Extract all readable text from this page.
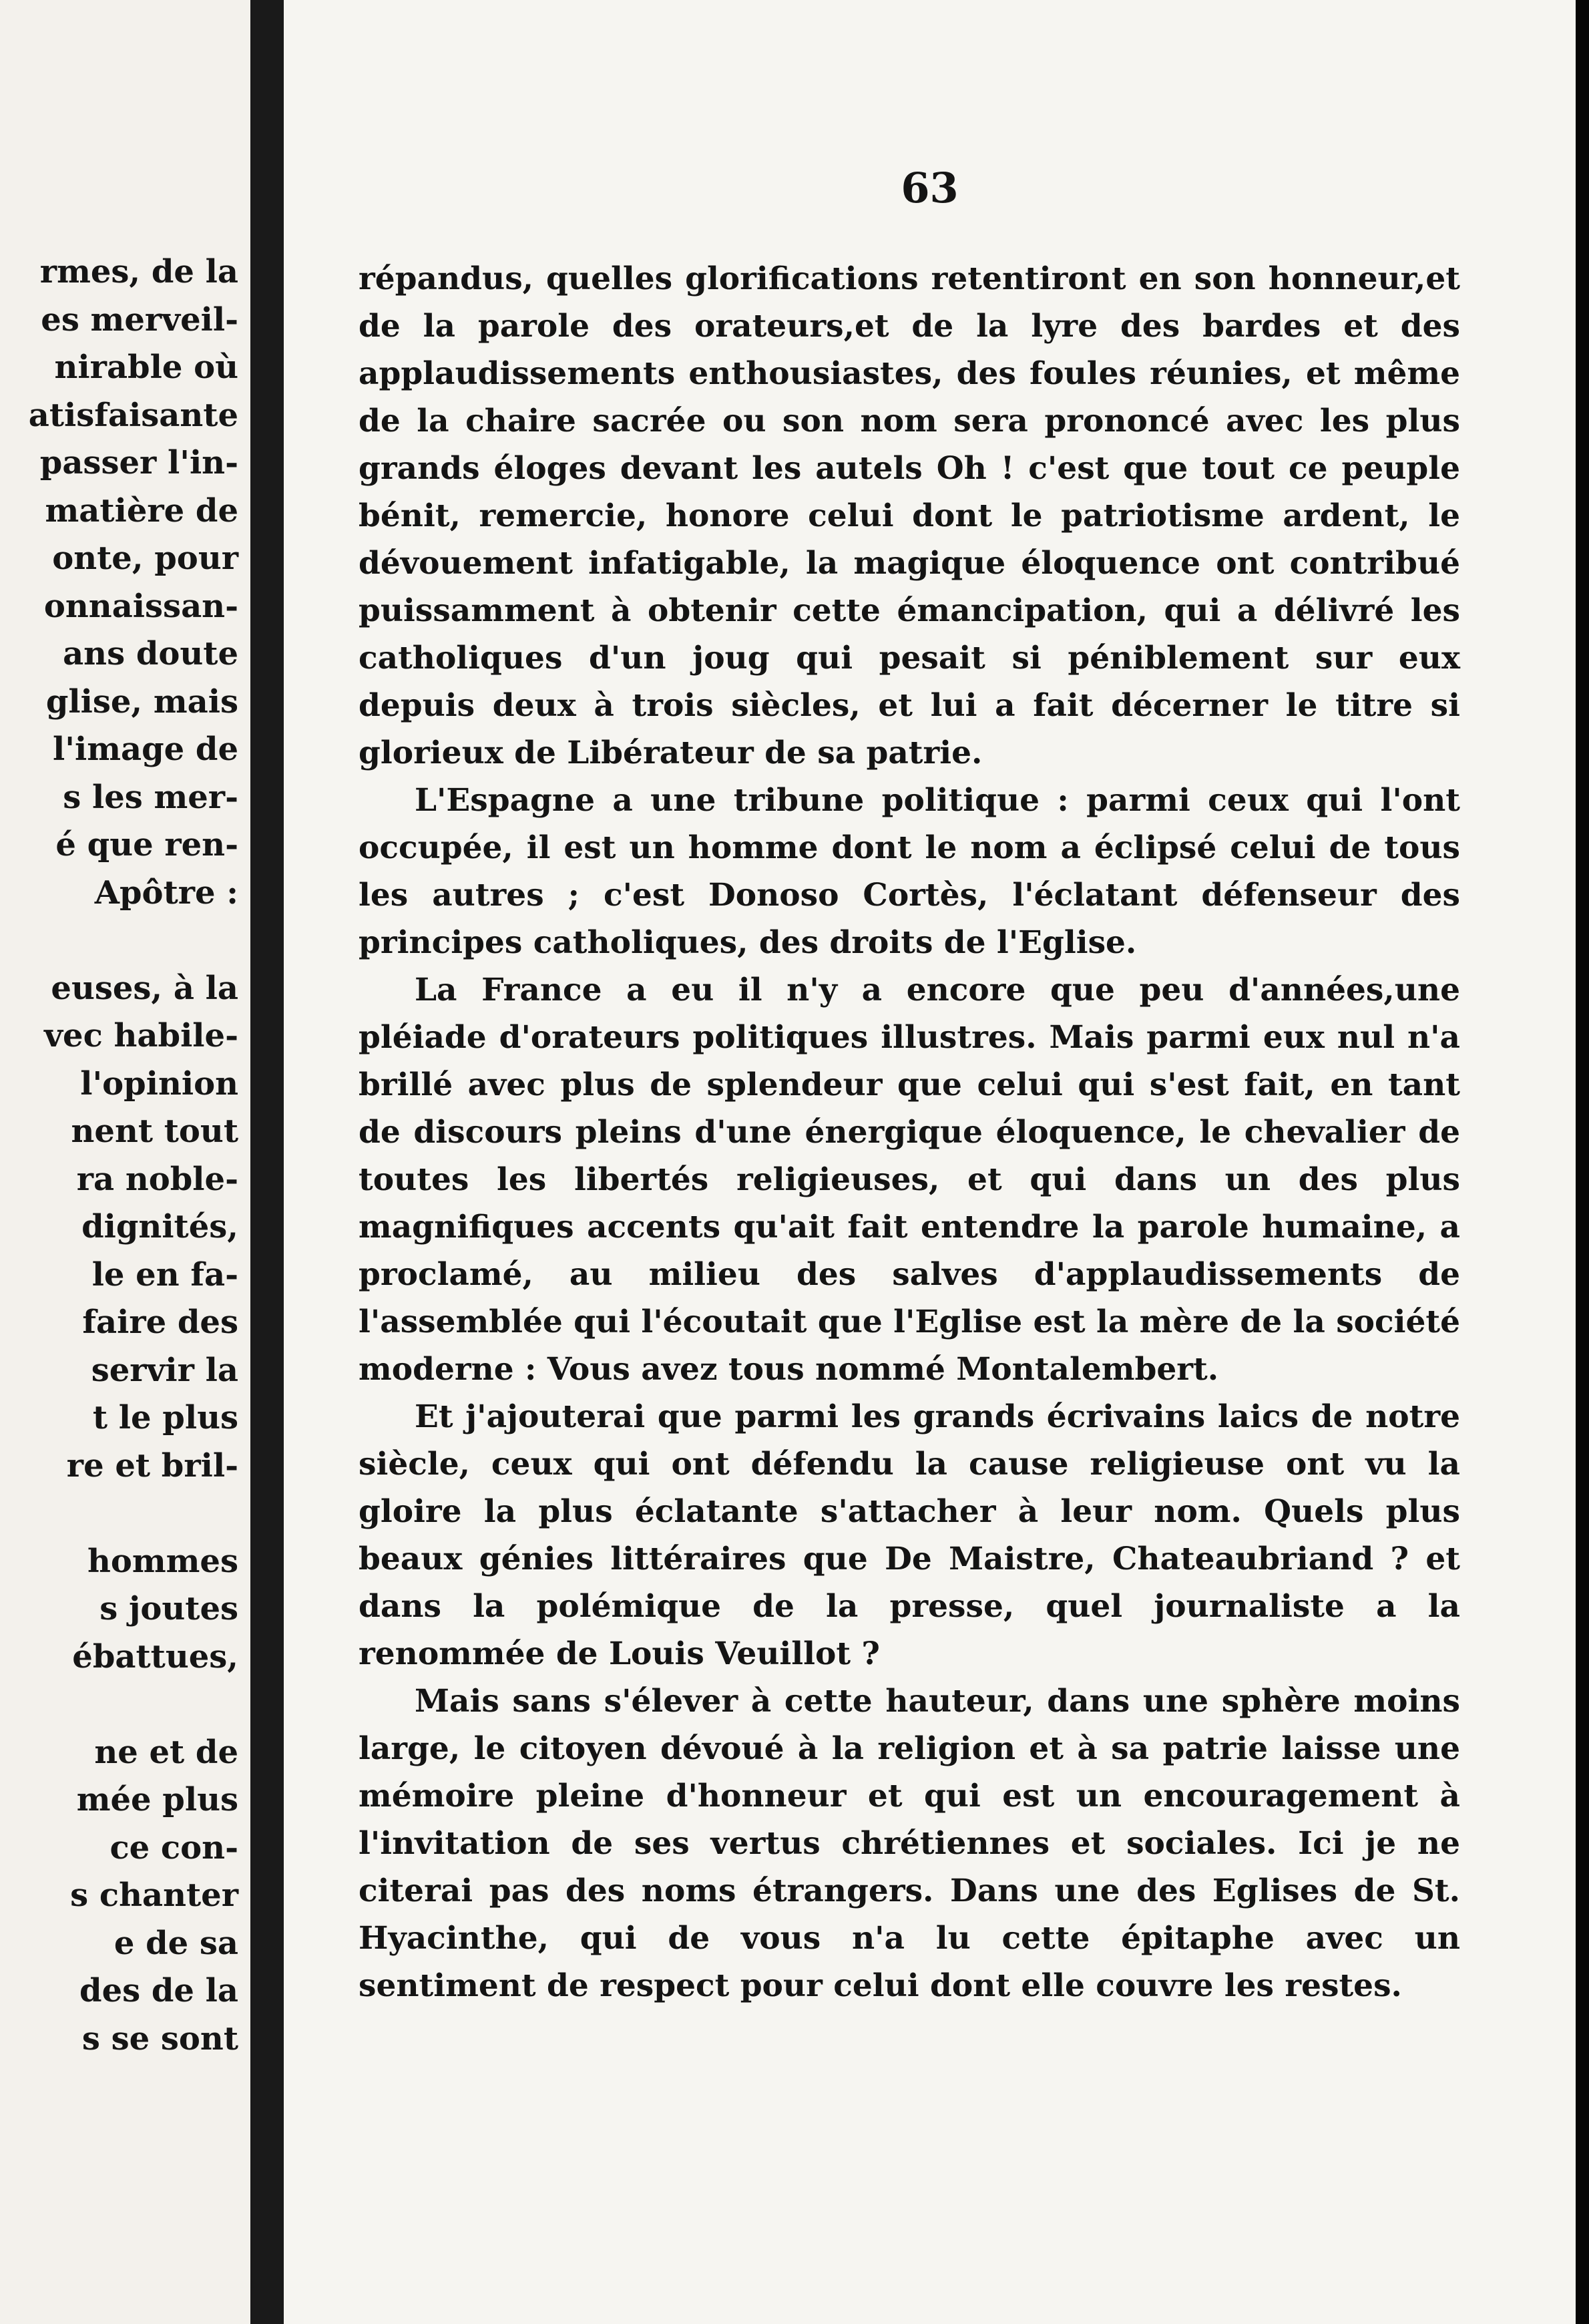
rmes, de la
es merveil-
nirable où
atisfaisante
passer l'in-
matière de
onte, pour
onnaissan-
ans doute
glise, mais
l'image de
s les mer-
é que ren-
Apôtre :
euses, à la
vec habile-
l'opinion
nent tout
ra noble-
dignités,
le en fa-
faire des
servir la
t le plus
re et bril-
hommes
s joutes
ébattues,
ne et de
mée plus
ce con-
s chanter
e de sa
des de la
s se sont
63

répandus, quelles glorifications retentiront en son honneur,et de la parole des orateurs,et de la lyre des bardes et des applaudissements enthousiastes, des foules réunies, et même de la chaire sacrée ou son nom sera prononcé avec les plus grands éloges devant les autels Oh ! c'est que tout ce peuple bénit, remercie, honore celui dont le patriotisme ardent, le dévouement infatigable, la magique éloquence ont contribué puissamment à obtenir cette émancipation, qui a délivré les catholiques d'un joug qui pesait si péniblement sur eux depuis deux à trois siècles, et lui a fait décerner le titre si glorieux de Libérateur de sa patrie.

L'Espagne a une tribune politique : parmi ceux qui l'ont occupée, il est un homme dont le nom a éclipsé celui de tous les autres ; c'est Donoso Cortès, l'éclatant défenseur des principes catholiques, des droits de l'Eglise.

La France a eu il n'y a encore que peu d'années,une pléiade d'orateurs politiques illustres. Mais parmi eux nul n'a brillé avec plus de splendeur que celui qui s'est fait, en tant de discours pleins d'une énergique éloquence, le chevalier de toutes les libertés religieuses, et qui dans un des plus magnifiques accents qu'ait fait entendre la parole humaine, a proclamé, au milieu des salves d'applaudissements de l'assemblée qui l'écoutait que l'Eglise est la mère de la société moderne : Vous avez tous nommé Montalembert.

Et j'ajouterai que parmi les grands écrivains laics de notre siècle, ceux qui ont défendu la cause religieuse ont vu la gloire la plus éclatante s'attacher à leur nom. Quels plus beaux génies littéraires que De Maistre, Chateaubriand ? et dans la polémique de la presse, quel journaliste a la renommée de Louis Veuillot ?

Mais sans s'élever à cette hauteur, dans une sphère moins large, le citoyen dévoué à la religion et à sa patrie laisse une mémoire pleine d'honneur et qui est un encouragement à l'invitation de ses vertus chrétiennes et sociales. Ici je ne citerai pas des noms étrangers. Dans une des Eglises de St. Hyacinthe, qui de vous n'a lu cette épitaphe avec un sentiment de respect pour celui dont elle couvre les restes.
